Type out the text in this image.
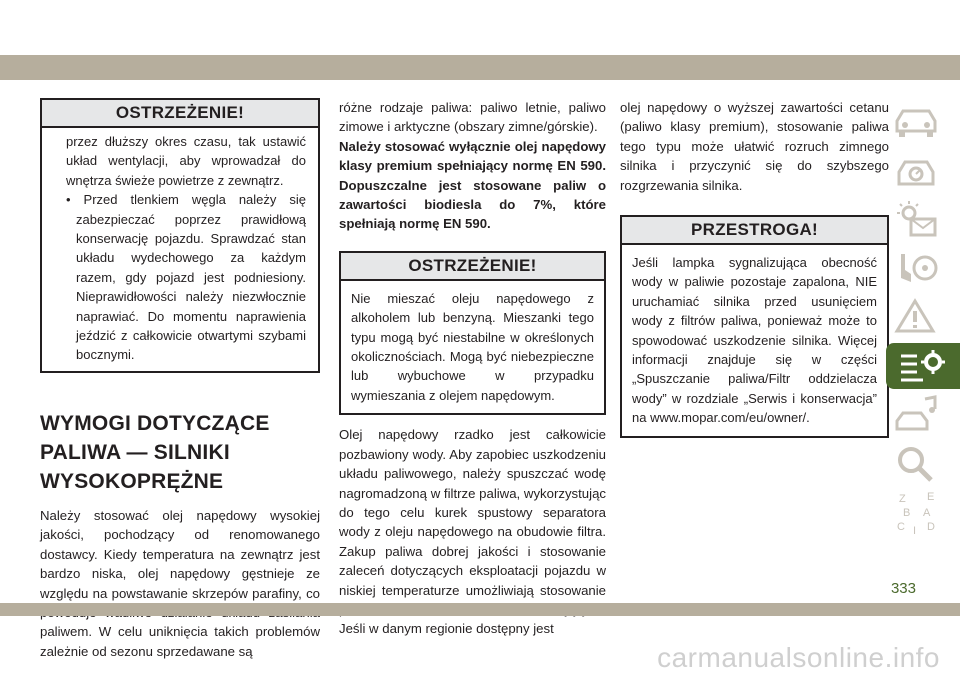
OSTRZEŻENIE!
przez dłuższy okres czasu, tak ustawić układ wentylacji, aby wprowadzał do wnętrza świeże powietrze z zewnątrz.
• Przed tlenkiem węgla należy się zabezpieczać poprzez prawidłową konserwację pojazdu. Sprawdzać stan układu wydechowego za każdym razem, gdy pojazd jest podniesiony. Nieprawidłowości należy niezwłocznie naprawiać. Do momentu naprawienia jeździć z całkowicie otwartymi szybami bocznymi.
WYMOGI DOTYCZĄCE PALIWA — SILNIKI WYSOKOPRĘŻNE

Należy stosować olej napędowy wysokiej jakości, pochodzący od renomowanego dostawcy. Kiedy temperatura na zewnątrz jest bardzo niska, olej napędowy gęstnieje ze względu na powstawanie skrzepów parafiny, co paliwem. W celu uniknięcia takich problemów zależnie od sezonu sprzedawane są

różne rodzaje paliwa: paliwo letnie, paliwo zimowe i arktyczne (obszary zimne/górskie).

Należy stosować wyłącznie olej napędowy klasy premium spełniający normę EN 590. Dopuszczalne jest stosowane paliw o zawartości biodiesla do 7%, które spełniają normę EN 590.

OSTRZEŻENIE!

Nie mieszać oleju napędowego z alkoholem lub benzyną. Mieszanki tego typu mogą być niestabilne w określonych okolicznościach. Mogą być niebezpieczne lub wybuchowe w przypadku wymieszania z olejem napędowym.

Olej napędowy rzadko jest całkowicie pozbawiony wody. Aby zapobiec uszkodzeniu układu paliwowego, należy spuszczać wodę nagromadzoną w filtrze paliwa, wykorzystując do tego celu kurek spustowy separatora wody z oleju napędowego na obudowie filtra. Zakup paliwa dobrej jakości i stosowanie zaleceń dotyczących eksploatacji pojazdu w niskiej temperaturze umożliwiają stosowanie Jeśli w danym regionie dostępny jest

olej napędowy o wyższej zawartości cetanu (paliwo klasy premium), stosowanie paliwa tego typu może ułatwić rozruch zimnego silnika i przyczynić się do szybszego rozgrzewania silnika.

PRZESTROGA!

Jeśli lampka sygnalizująca obecność wody w paliwie pozostaje zapalona, NIE uruchamiać silnika przed usunięciem wody z filtrów paliwa, ponieważ może to spowodować uszkodzenie silnika. Więcej informacji znajduje się w części „Spuszczanie paliwa/Filtr oddzielacza wody” w rozdziale „Serwis i konserwacja” na www.mopar.com/eu/owner/.

Z E
B A
C D
I
333
carmanualsonline.info
